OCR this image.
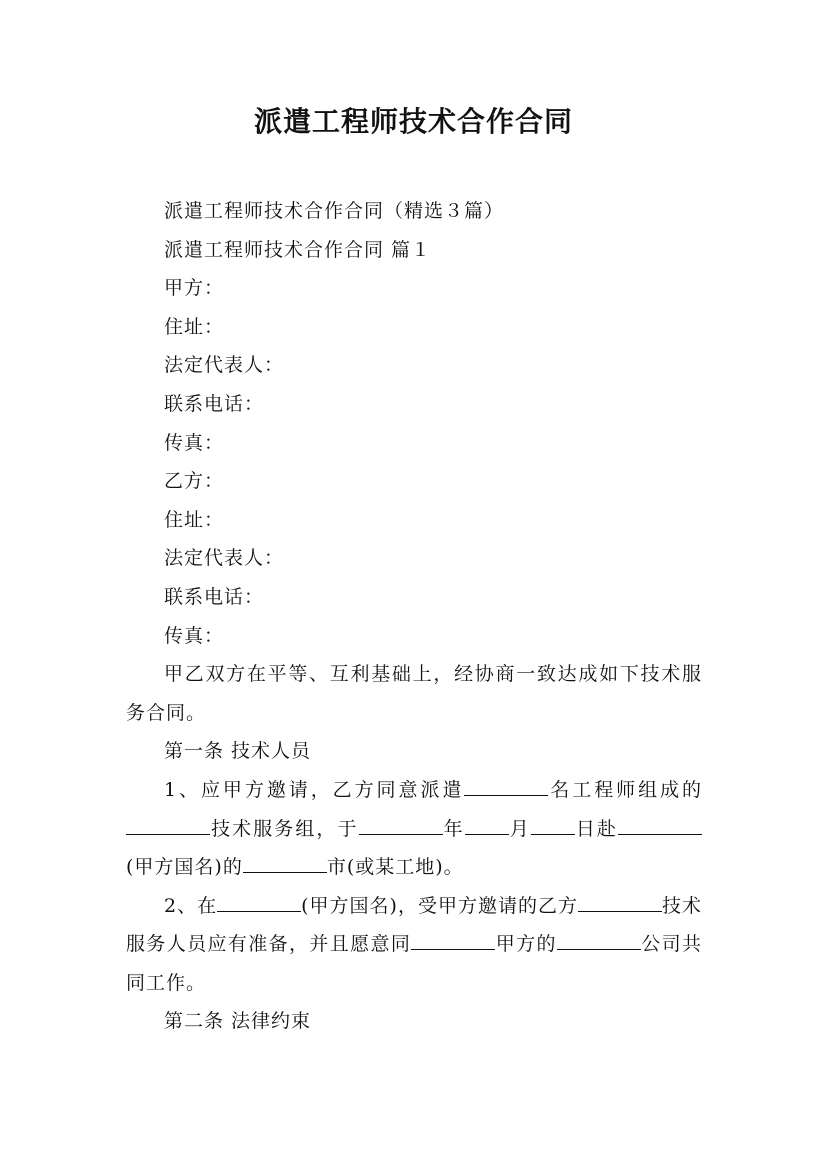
派遣工程师技术合作合同

派遣工程师技术合作合同（精选３篇）

派遣工程师技术合作合同 篇１

甲方：

住址：

法定代表人：

联系电话：

传真：

乙方：

住址：

法定代表人：

联系电话：

传真：

甲乙双方在平等、互利基础上，经协商一致达成如下技术服务合同。

第一条 技术人员

1、应甲方邀请，乙方同意派遣	名工程师组成的技术服务组，于	年 月 日赴(甲方国名)的	市(或某工地)。

2、在	(甲方国名)，受甲方邀请的乙方	技术服务人员应有准备，并且愿意同	甲方的	公司共同工作。

第二条 法律约束
